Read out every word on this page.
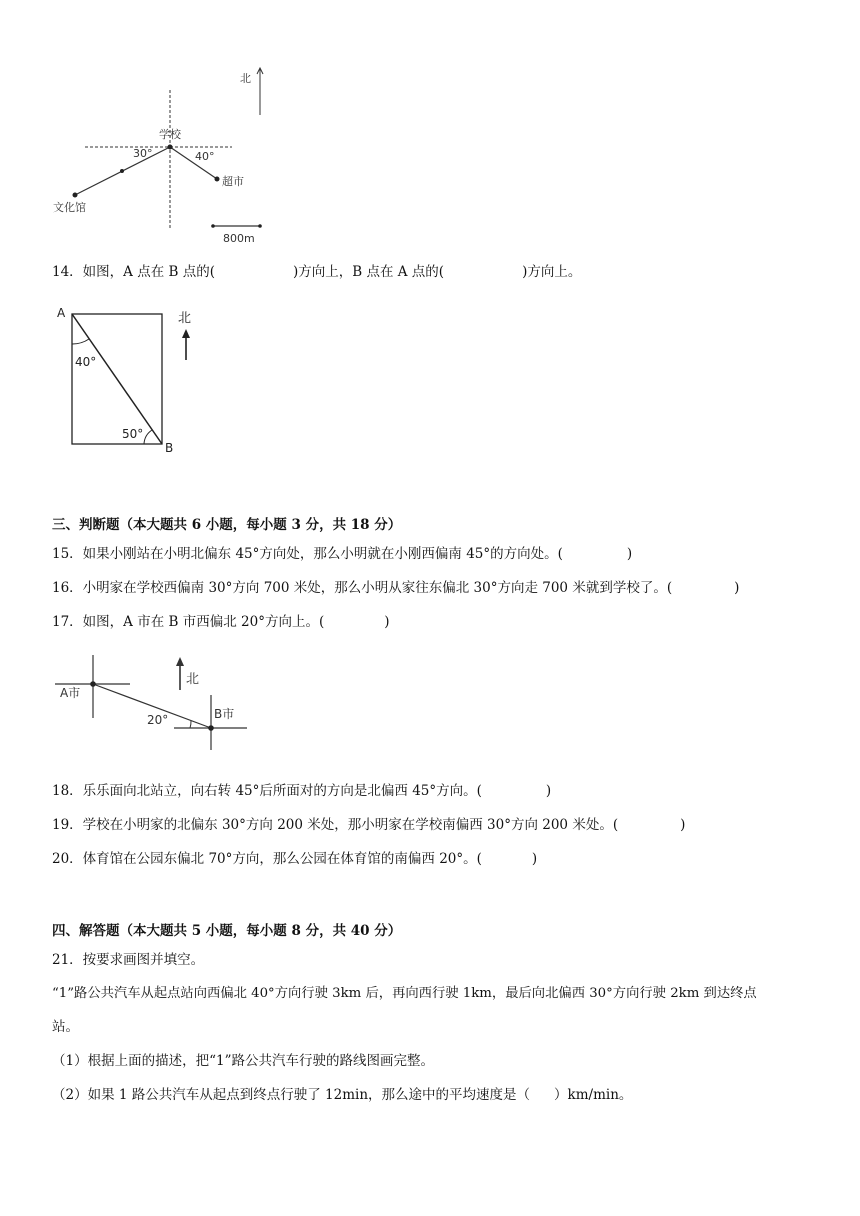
北
学校
30°	40°
超市
文化馆
800m
14．如图，A 点在 B 点的(	)方向上，B 点在 A 点的(	)方向上。
A
B
40°
50°
北
三、判断题（本大题共 6 小题，每小题 3 分，共 18 分）
15．如果小刚站在小明北偏东 45°方向处，那么小明就在小刚西偏南 45°的方向处。(	)
16．小明家在学校西偏南 30°方向 700 米处，那么小明从家往东偏北 30°方向走 700 米就到学校了。(	)
17．如图，A 市在 B 市西偏北 20°方向上。(	)
A市
B市
20°
北
18．乐乐面向北站立，向右转 45°后所面对的方向是北偏西 45°方向。(	)
19．学校在小明家的北偏东 30°方向 200 米处，那小明家在学校南偏西 30°方向 200 米处。(	)
20．体育馆在公园东偏北 70°方向，那么公园在体育馆的南偏西 20°。(	)
四、解答题（本大题共 5 小题，每小题 8 分，共 40 分）
21．按要求画图并填空。
“1”路公共汽车从起点站向西偏北 40°方向行驶 3km 后，再向西行驶 1km，最后向北偏西 30°方向行驶 2km 到达终点
站。
（1）根据上面的描述，把“1”路公共汽车行驶的路线图画完整。
（2）如果 1 路公共汽车从起点到终点行驶了 12min，那么途中的平均速度是（ ）km/min。
